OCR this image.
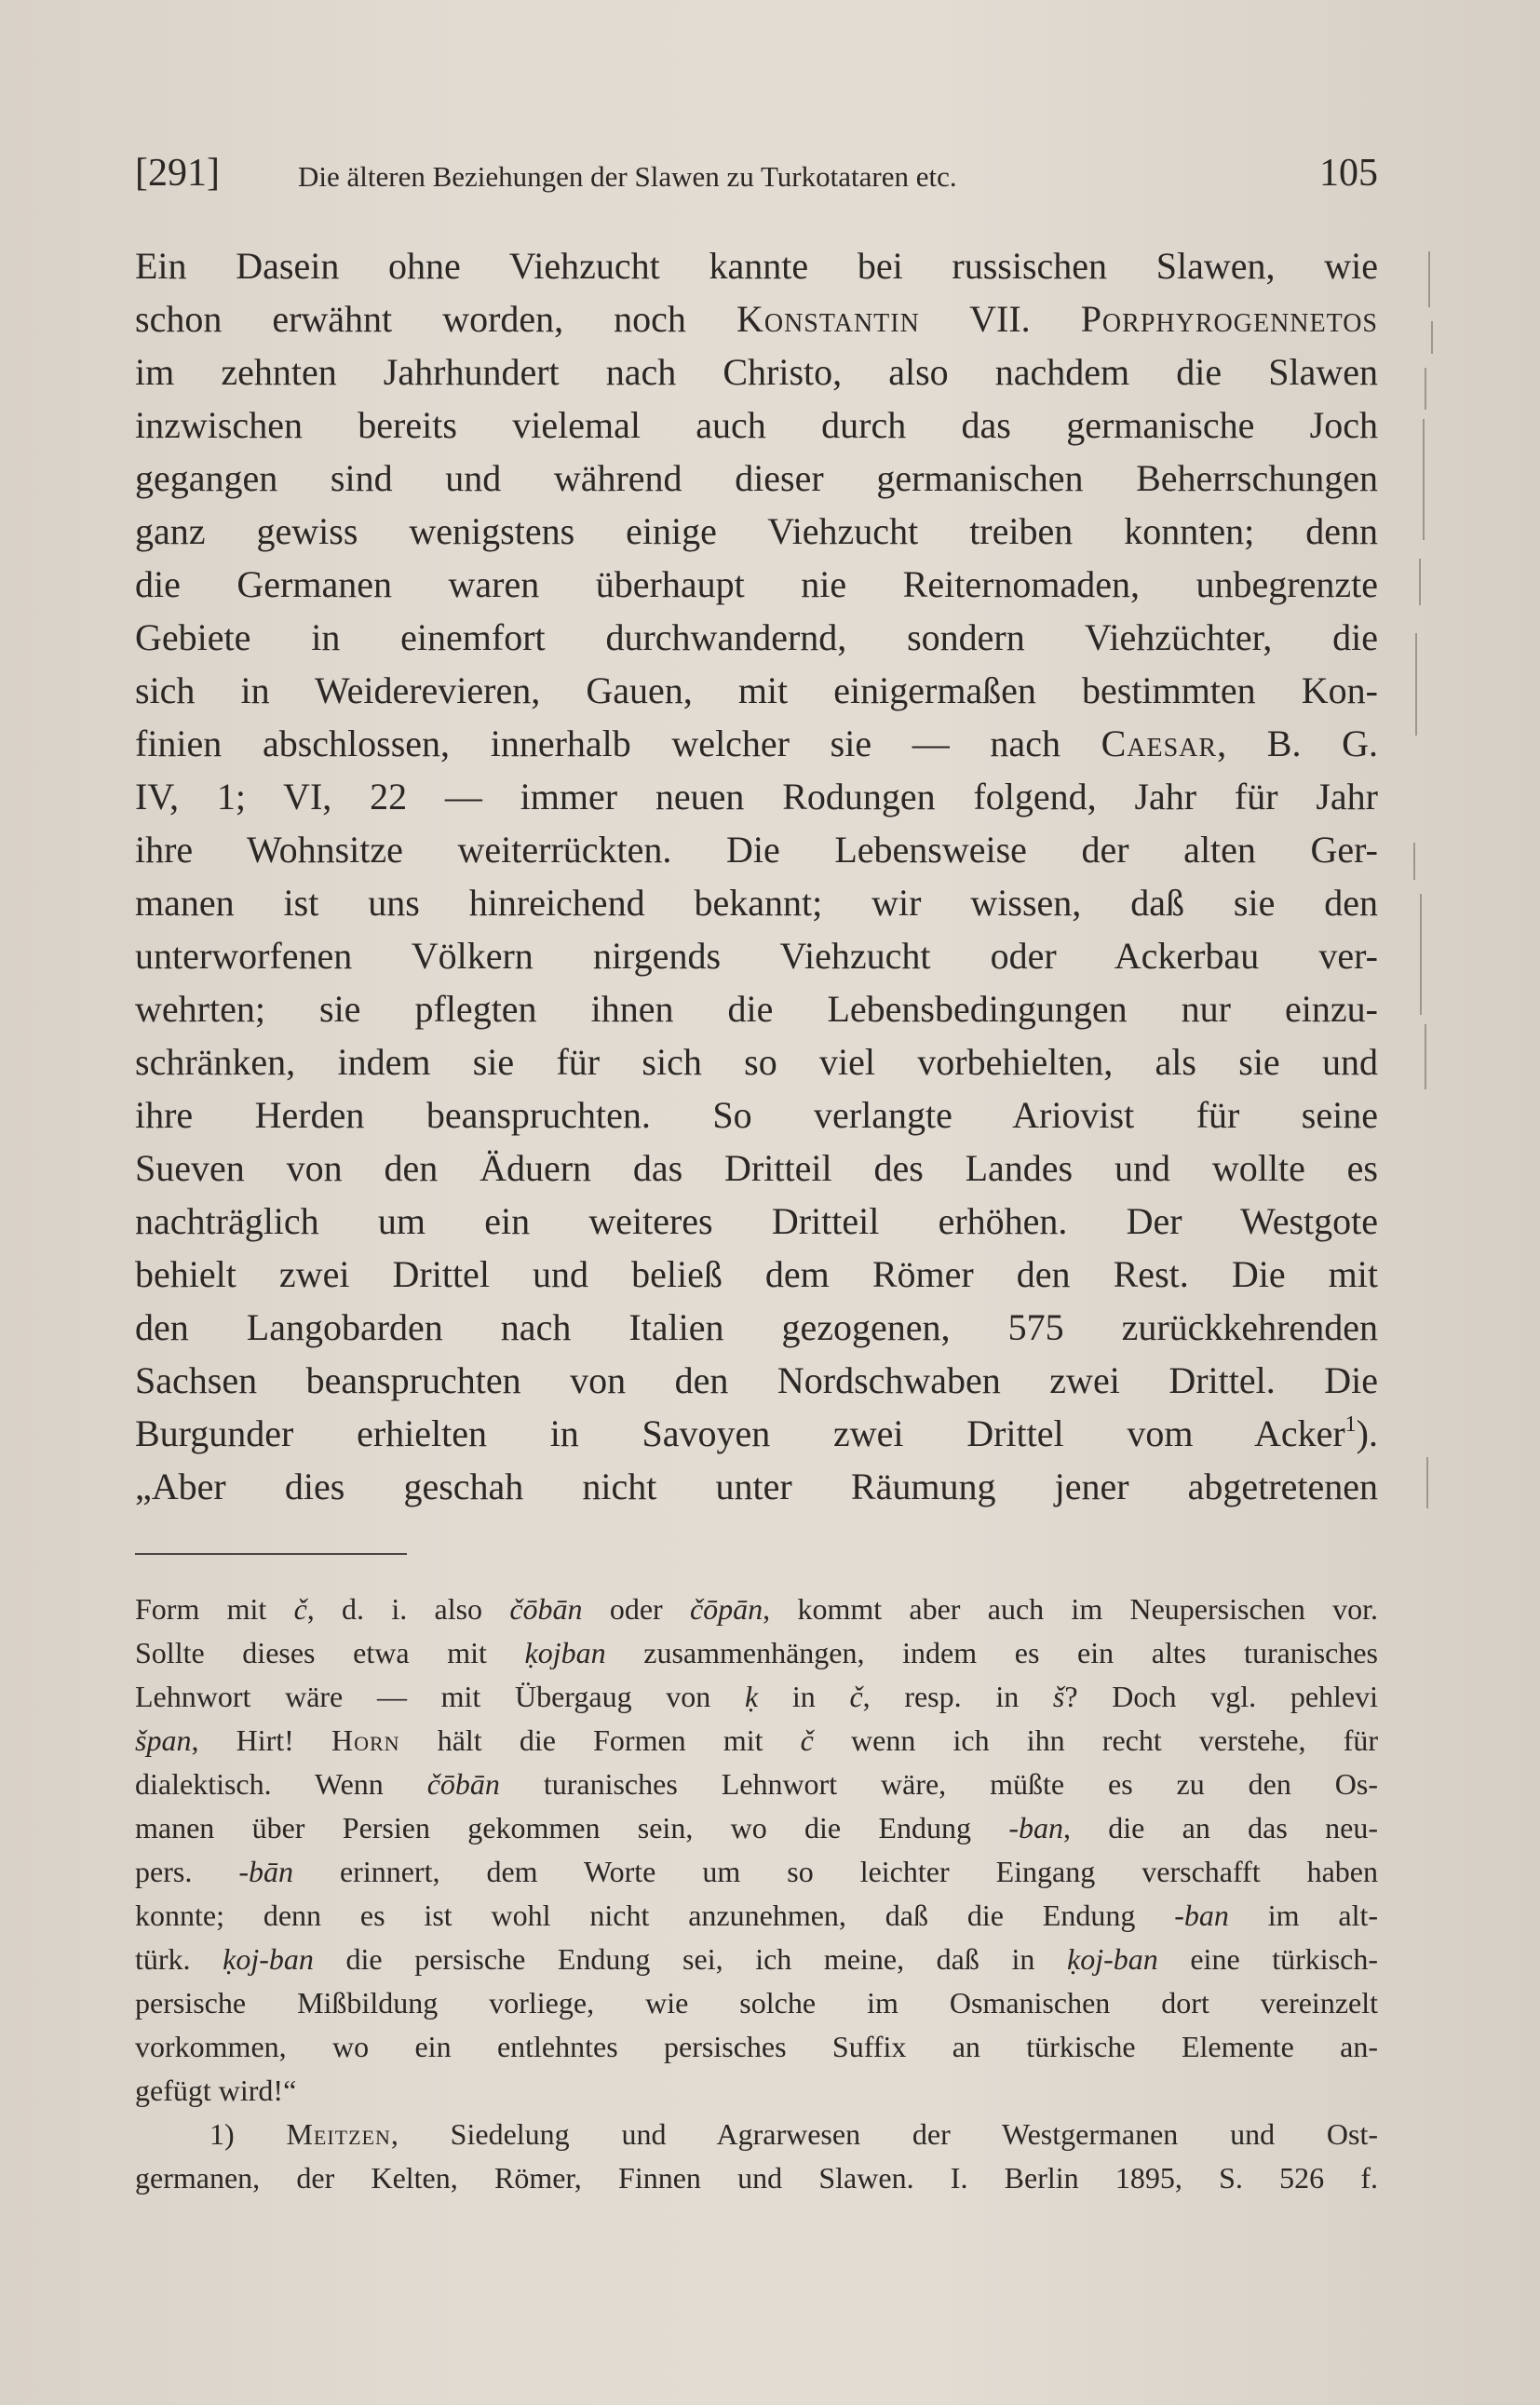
[291]	Die älteren Beziehungen der Slawen zu Turkotataren etc.	105
Ein Dasein ohne Viehzucht kannte bei russischen Slawen, wie
schon erwähnt worden, noch Konstantin VII. Porphyrogennetos
im zehnten Jahrhundert nach Christo, also nachdem die Slawen
inzwischen bereits vielemal auch durch das germanische Joch
gegangen sind und während dieser germanischen Beherrschungen
ganz gewiss wenigstens einige Viehzucht treiben konnten; denn
die Germanen waren überhaupt nie Reiternomaden, unbegrenzte
Gebiete in einemfort durchwandernd, sondern Viehzüchter, die
sich in Weiderevieren, Gauen, mit einigermaßen bestimmten Kon-
finien abschlossen, innerhalb welcher sie — nach Caesar, B. G.
IV, 1; VI, 22 — immer neuen Rodungen folgend, Jahr für Jahr
ihre Wohnsitze weiterrückten. Die Lebensweise der alten Ger-
manen ist uns hinreichend bekannt; wir wissen, daß sie den
unterworfenen Völkern nirgends Viehzucht oder Ackerbau ver-
wehrten; sie pflegten ihnen die Lebensbedingungen nur einzu-
schränken, indem sie für sich so viel vorbehielten, als sie und
ihre Herden beanspruchten. So verlangte Ariovist für seine
Sueven von den Äduern das Dritteil des Landes und wollte es
nachträglich um ein weiteres Dritteil erhöhen. Der Westgote
behielt zwei Drittel und beließ dem Römer den Rest. Die mit
den Langobarden nach Italien gezogenen, 575 zurückkehrenden
Sachsen beanspruchten von den Nordschwaben zwei Drittel. Die
Burgunder erhielten in Savoyen zwei Drittel vom Acker$^1$).
„Aber dies geschah nicht unter Räumung jener abgetretenen
Form mit č, d. i. also čōbān oder čōpān, kommt aber auch im Neupersischen vor.
Sollte dieses etwa mit ḳojban zusammenhängen, indem es ein altes turanisches
Lehnwort wäre — mit Übergaug von ḳ in č, resp. in š? Doch vgl. pehlevi
špan, Hirt! Horn hält die Formen mit č wenn ich ihn recht verstehe, für
dialektisch. Wenn čōbān turanisches Lehnwort wäre, müßte es zu den Os-
manen über Persien gekommen sein, wo die Endung -ban, die an das neu-
pers. -bān erinnert, dem Worte um so leichter Eingang verschafft haben
konnte; denn es ist wohl nicht anzunehmen, daß die Endung -ban im alt-
türk. ḳoj-ban die persische Endung sei, ich meine, daß in ḳoj-ban eine türkisch-
persische Mißbildung vorliege, wie solche im Osmanischen dort vereinzelt
vorkommen, wo ein entlehntes persisches Suffix an türkische Elemente an-
gefügt wird!“
1) Meitzen, Siedelung und Agrarwesen der Westgermanen und Ost-
germanen, der Kelten, Römer, Finnen und Slawen. I. Berlin 1895, S. 526 f.
